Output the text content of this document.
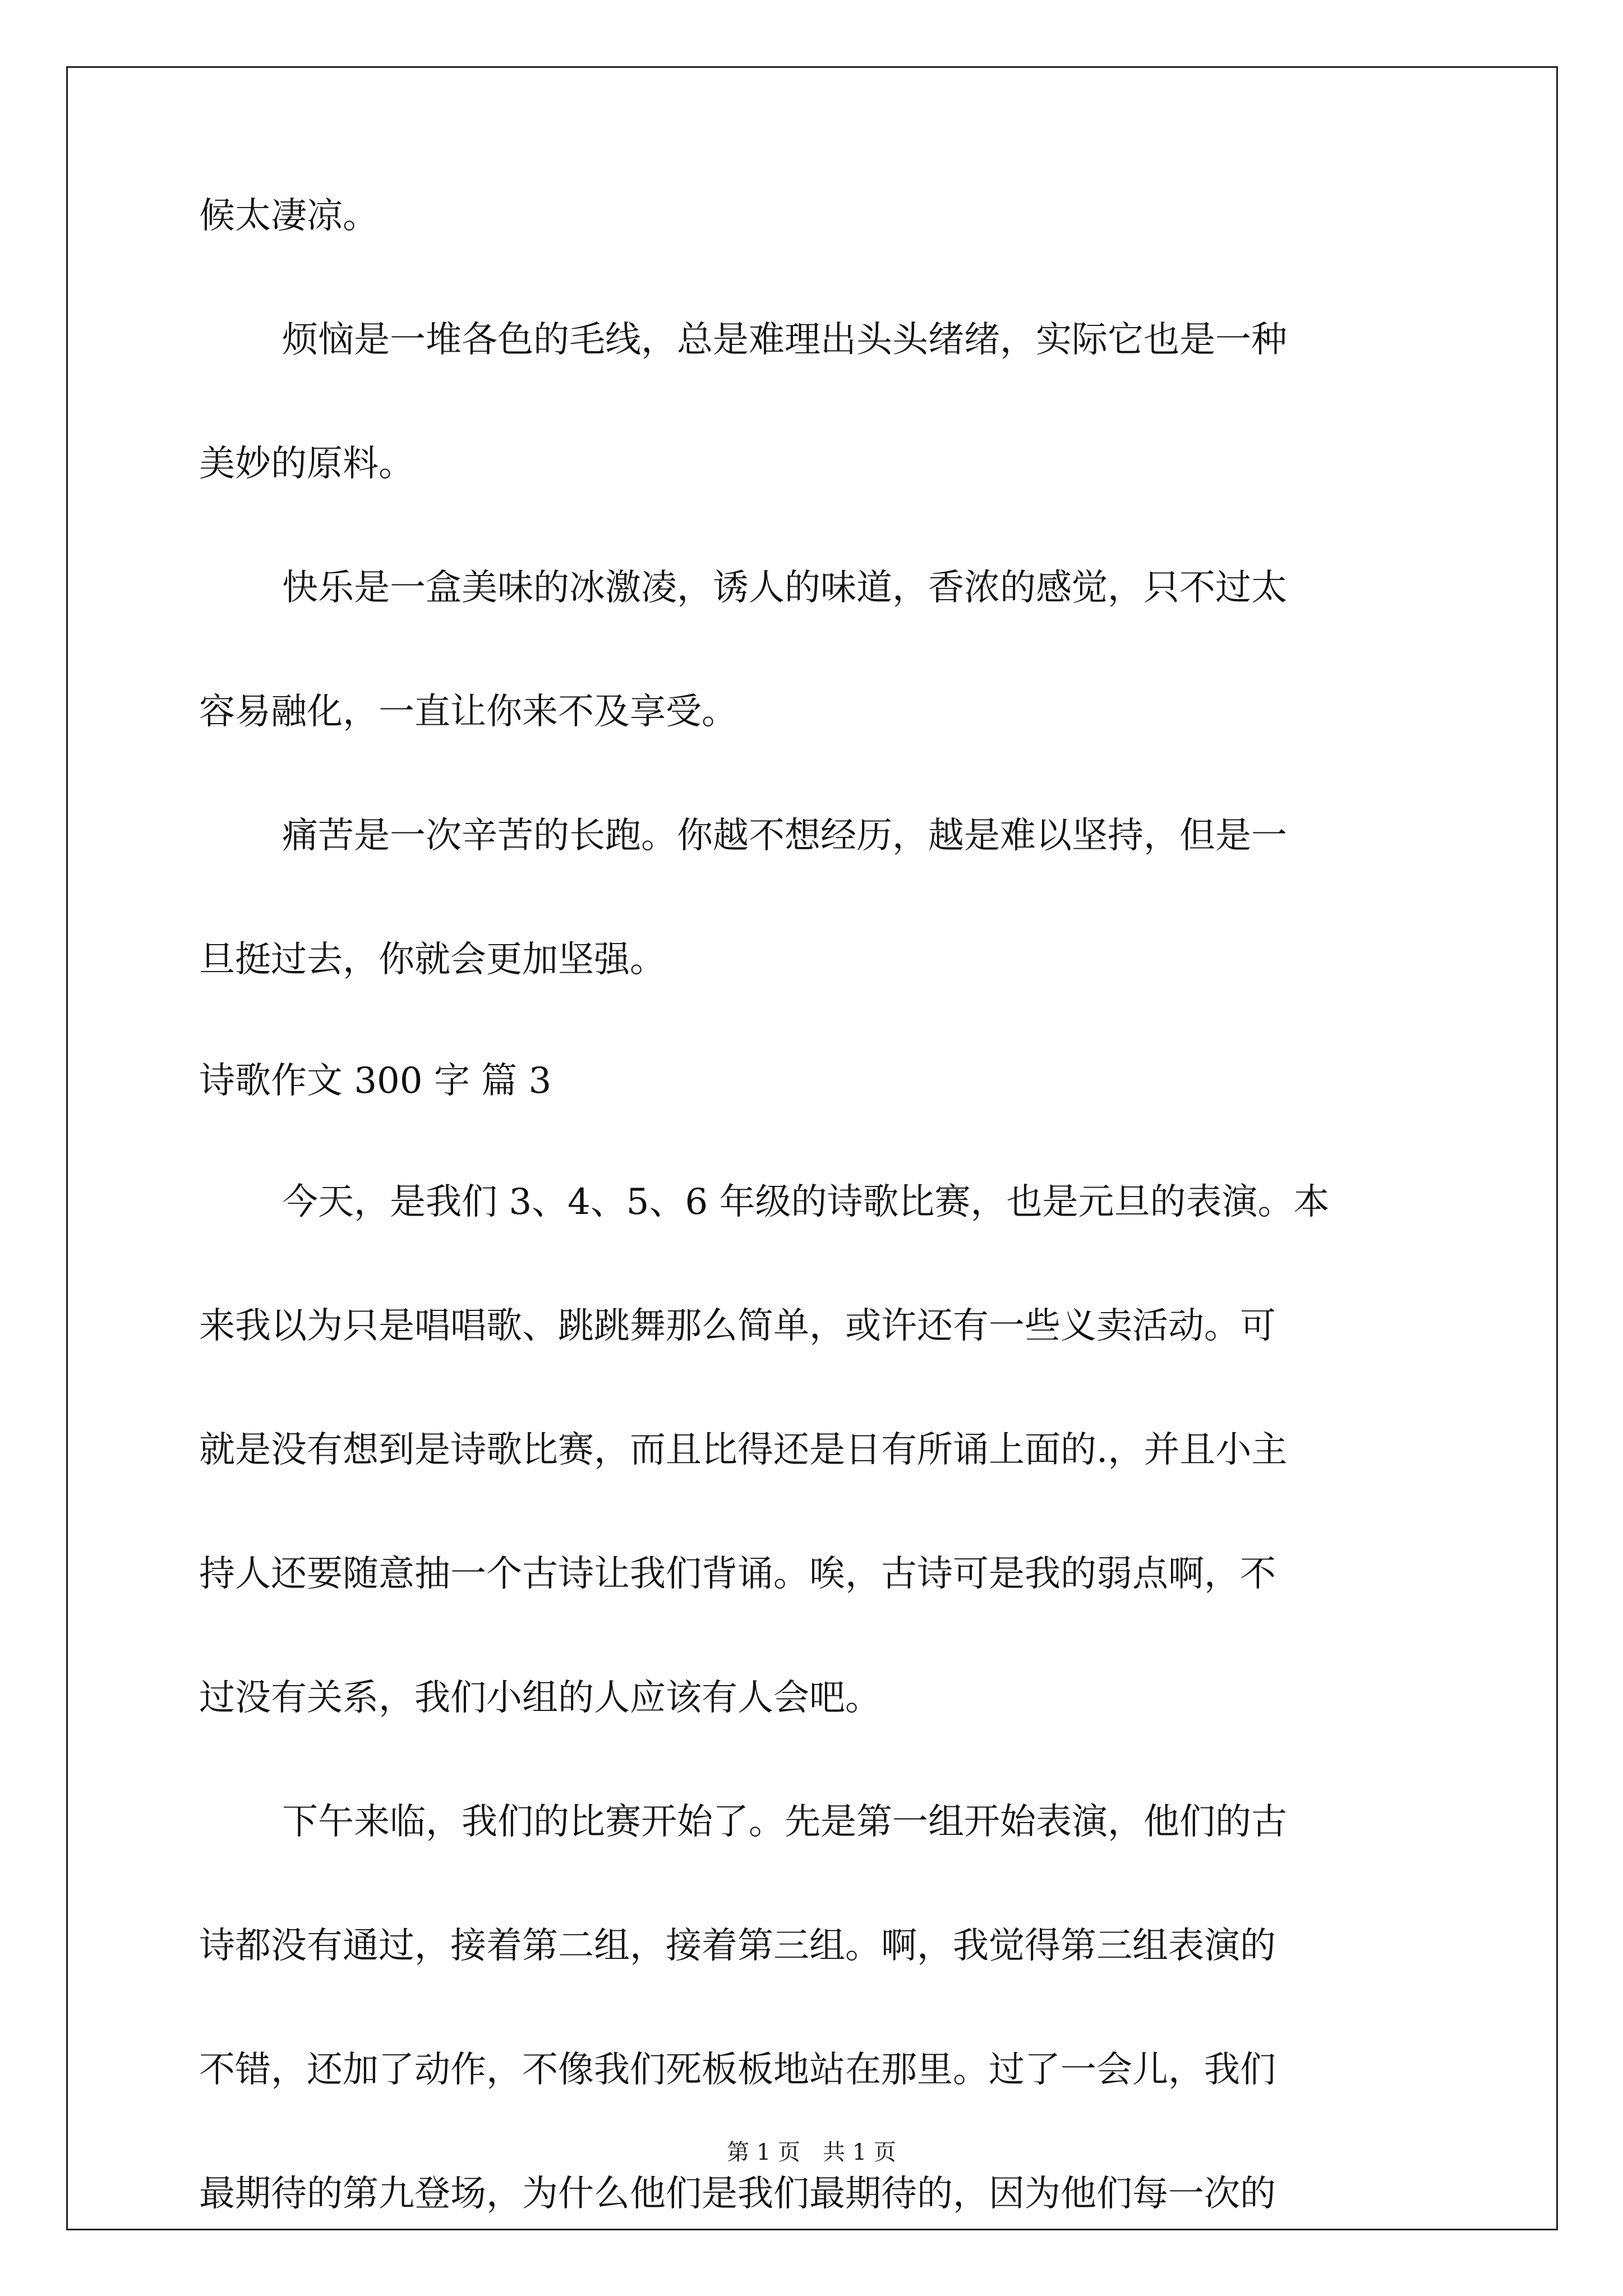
候太凄凉。
烦恼是一堆各色的毛线，总是难理出头头绪绪，实际它也是一种
美妙的原料。
快乐是一盒美味的冰激凌，诱人的味道，香浓的感觉，只不过太
容易融化，一直让你来不及享受。
痛苦是一次辛苦的长跑。你越不想经历，越是难以坚持，但是一
旦挺过去，你就会更加坚强。
诗歌作文 300 字 篇 3
今天，是我们 3、4、5、6 年级的诗歌比赛，也是元旦的表演。本
来我以为只是唱唱歌、跳跳舞那么简单，或许还有一些义卖活动。可
就是没有想到是诗歌比赛，而且比得还是日有所诵上面的.，并且小主
持人还要随意抽一个古诗让我们背诵。唉，古诗可是我的弱点啊，不
过没有关系，我们小组的人应该有人会吧。
下午来临，我们的比赛开始了。先是第一组开始表演，他们的古
诗都没有通过，接着第二组，接着第三组。啊，我觉得第三组表演的
不错，还加了动作，不像我们死板板地站在那里。过了一会儿，我们
最期待的第九登场，为什么他们是我们最期待的，因为他们每一次的
第 1 页　共 1 页
